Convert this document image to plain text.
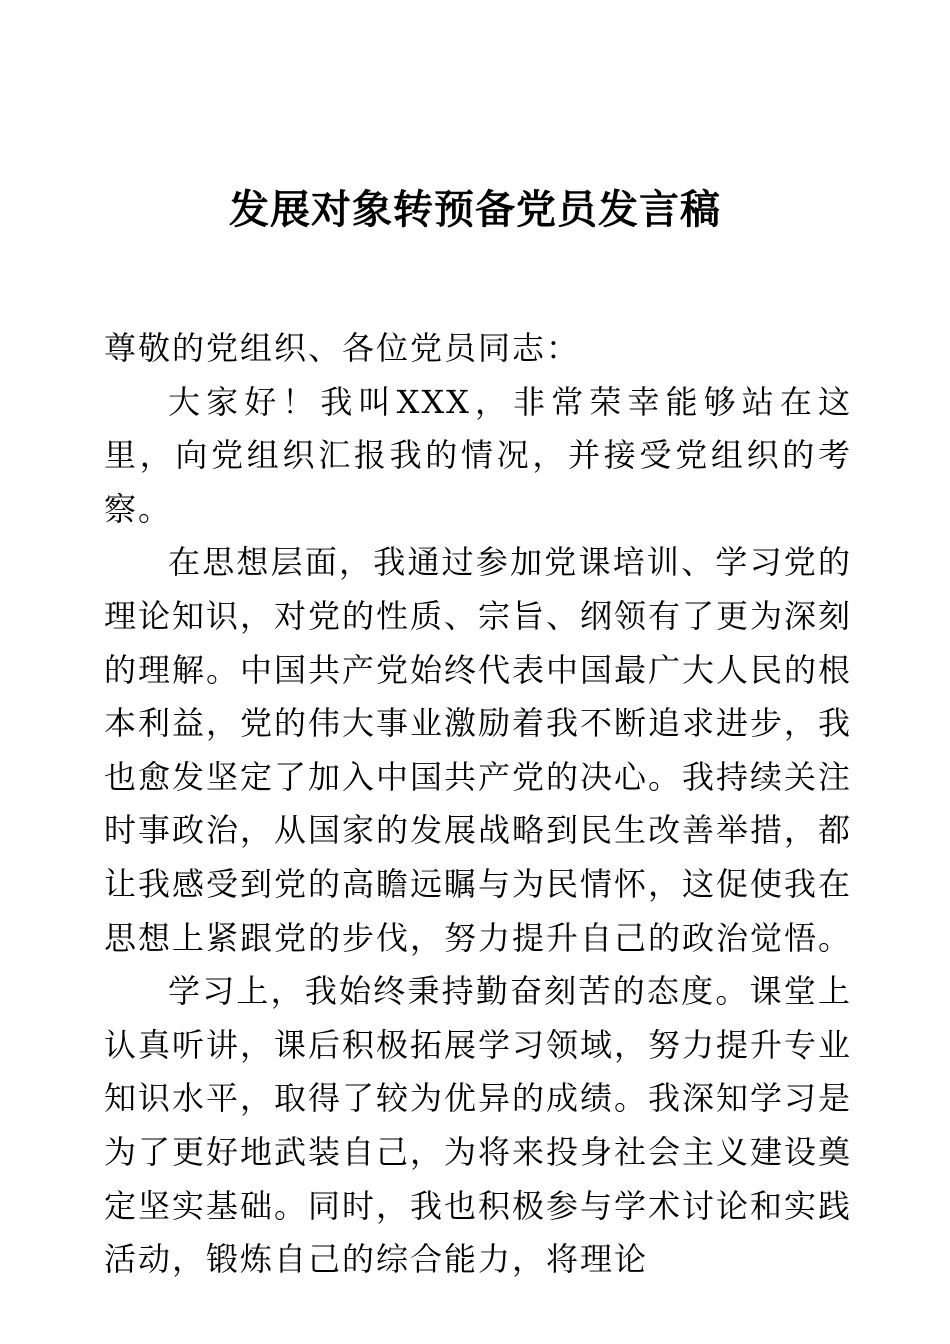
发展对象转预备党员发言稿

尊敬的党组织、各位党员同志：

大家好！我叫XXX，非常荣幸能够站在这里，向党组织汇报我的情况，并接受党组织的考察。

在思想层面，我通过参加党课培训、学习党的理论知识，对党的性质、宗旨、纲领有了更为深刻的理解。中国共产党始终代表中国最广大人民的根本利益，党的伟大事业激励着我不断追求进步，我也愈发坚定了加入中国共产党的决心。我持续关注时事政治，从国家的发展战略到民生改善举措，都让我感受到党的高瞻远瞩与为民情怀，这促使我在思想上紧跟党的步伐，努力提升自己的政治觉悟。

学习上，我始终秉持勤奋刻苦的态度。课堂上认真听讲，课后积极拓展学习领域，努力提升专业知识水平，取得了较为优异的成绩。我深知学习是为了更好地武装自己，为将来投身社会主义建设奠定坚实基础。同时，我也积极参与学术讨论和实践活动，锻炼自己的综合能力，将理论
